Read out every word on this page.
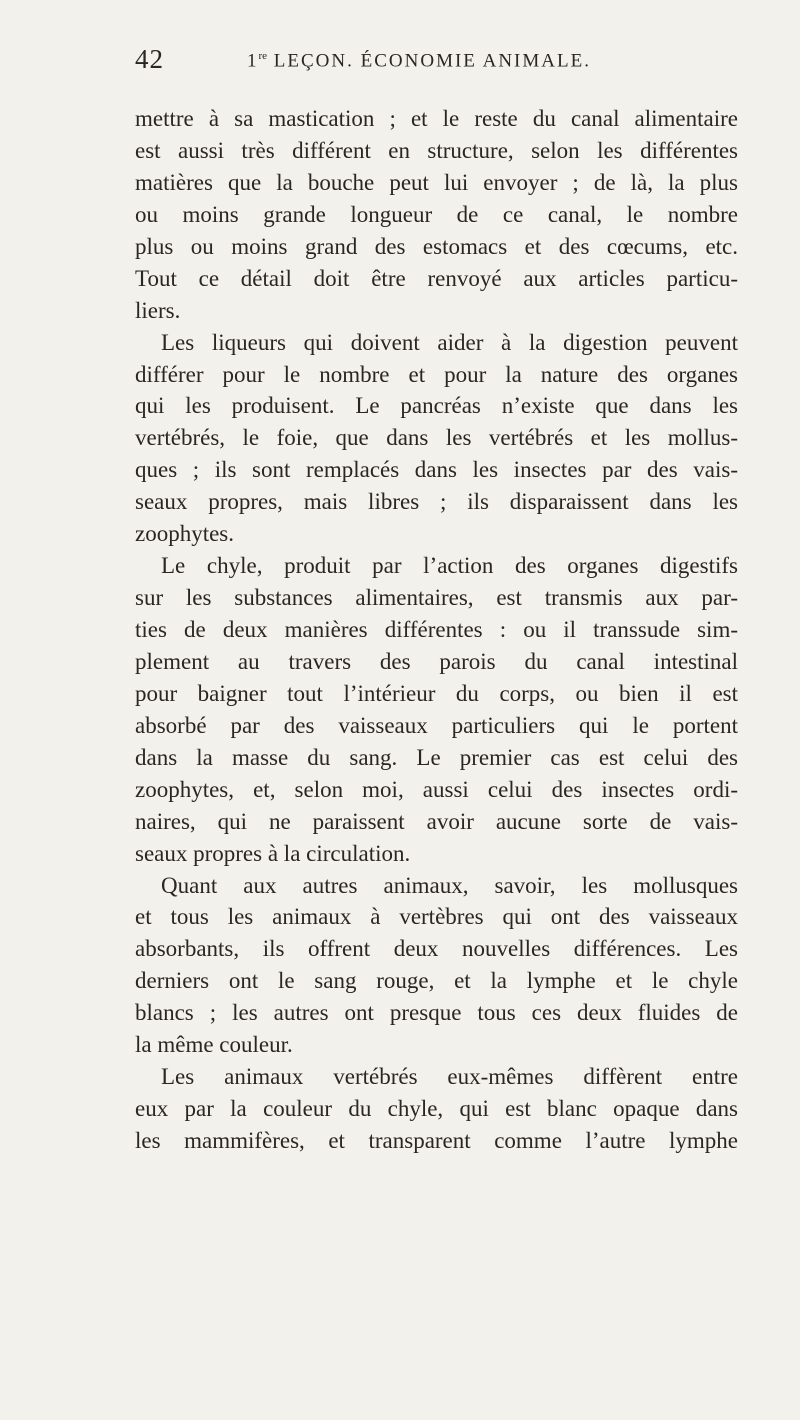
42	1re LEÇON. ÉCONOMIE ANIMALE.
mettre à sa mastication ; et le reste du canal alimentaire
est aussi très différent en structure, selon les différentes
matières que la bouche peut lui envoyer ; de là, la plus
ou moins grande longueur de ce canal, le nombre
plus ou moins grand des estomacs et des cœcums, etc.
Tout ce détail doit être renvoyé aux articles particu-
liers.
Les liqueurs qui doivent aider à la digestion peuvent
différer pour le nombre et pour la nature des organes
qui les produisent. Le pancréas n’existe que dans les
vertébrés, le foie, que dans les vertébrés et les mollus-
ques ; ils sont remplacés dans les insectes par des vais-
seaux propres, mais libres ; ils disparaissent dans les
zoophytes.
Le chyle, produit par l’action des organes digestifs
sur les substances alimentaires, est transmis aux par-
ties de deux manières différentes : ou il transsude sim-
plement au travers des parois du canal intestinal
pour baigner tout l’intérieur du corps, ou bien il est
absorbé par des vaisseaux particuliers qui le portent
dans la masse du sang. Le premier cas est celui des
zoophytes, et, selon moi, aussi celui des insectes ordi-
naires, qui ne paraissent avoir aucune sorte de vais-
seaux propres à la circulation.
Quant aux autres animaux, savoir, les mollusques
et tous les animaux à vertèbres qui ont des vaisseaux
absorbants, ils offrent deux nouvelles différences. Les
derniers ont le sang rouge, et la lymphe et le chyle
blancs ; les autres ont presque tous ces deux fluides de
la même couleur.
Les animaux vertébrés eux-mêmes diffèrent entre
eux par la couleur du chyle, qui est blanc opaque dans
les mammifères, et transparent comme l’autre lymphe
